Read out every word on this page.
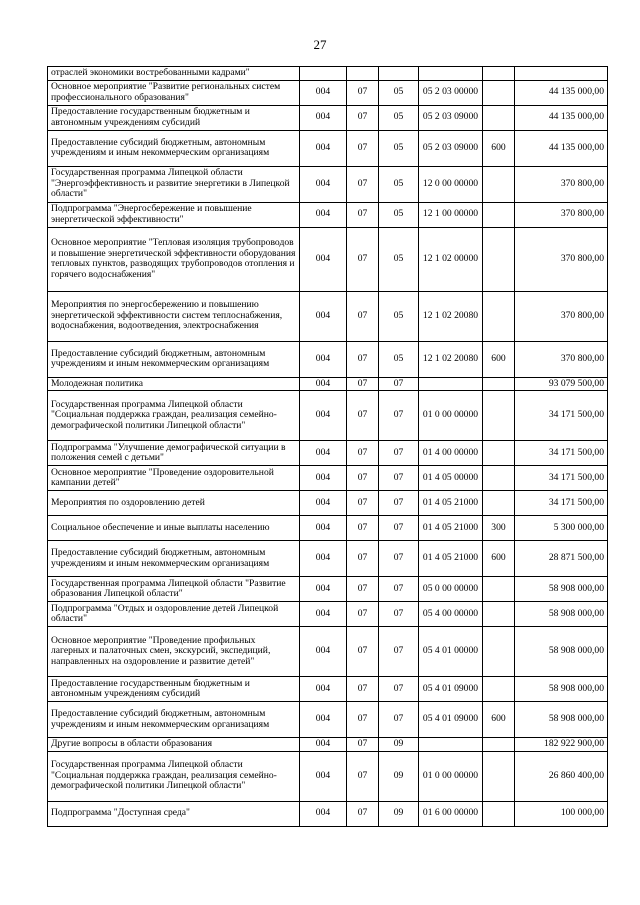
27
отраслей экономики востребованными кадрами"						
Основное мероприятие "Развитие региональных систем профессионального образования"	004	07	05	05 2 03 00000		44 135 000,00
Предоставление государственным бюджетным и автономным учреждениям субсидий	004	07	05	05 2 03 09000		44 135 000,00
Предоставление субсидий бюджетным, автономным учреждениям и иным некоммерческим организациям	004	07	05	05 2 03 09000	600	44 135 000,00
Государственная программа Липецкой области "Энергоэффективность и развитие энергетики в Липецкой области"	004	07	05	12 0 00 00000		370 800,00
Подпрограмма "Энергосбережение и повышение энергетической эффективности"	004	07	05	12 1 00 00000		370 800,00
Основное мероприятие "Тепловая изоляция трубопроводов и повышение энергетической эффективности оборудования тепловых пунктов, разводящих трубопроводов отопления и горячего водоснабжения"	004	07	05	12 1 02 00000		370 800,00
Мероприятия по энергосбережению и повышению энергетической эффективности систем теплоснабжения, водоснабжения, водоотведения, электроснабжения	004	07	05	12 1 02 20080		370 800,00
Предоставление субсидий бюджетным, автономным учреждениям и иным некоммерческим организациям	004	07	05	12 1 02 20080	600	370 800,00
Молодежная политика	004	07	07			93 079 500,00
Государственная программа Липецкой области "Социальная поддержка граждан, реализация семейно-демографической политики Липецкой области"	004	07	07	01 0 00 00000		34 171 500,00
Подпрограмма "Улучшение демографической ситуации в положения семей с детьми"	004	07	07	01 4 00 00000		34 171 500,00
Основное мероприятие "Проведение оздоровительной кампании детей"	004	07	07	01 4 05 00000		34 171 500,00
Мероприятия по оздоровлению детей	004	07	07	01 4 05 21000		34 171 500,00
Социальное обеспечение и иные выплаты населению	004	07	07	01 4 05 21000	300	5 300 000,00
Предоставление субсидий бюджетным, автономным учреждениям и иным некоммерческим организациям	004	07	07	01 4 05 21000	600	28 871 500,00
Государственная программа Липецкой области "Развитие образования Липецкой области"	004	07	07	05 0 00 00000		58 908 000,00
Подпрограмма "Отдых и оздоровление детей Липецкой области"	004	07	07	05 4 00 00000		58 908 000,00
Основное мероприятие "Проведение профильных лагерных и палаточных смен, экскурсий, экспедиций, направленных на оздоровление и развитие детей"	004	07	07	05 4 01 00000		58 908 000,00
Предоставление государственным бюджетным и автономным учреждениям субсидий	004	07	07	05 4 01 09000		58 908 000,00
Предоставление субсидий бюджетным, автономным учреждениям и иным некоммерческим организациям	004	07	07	05 4 01 09000	600	58 908 000,00
Другие вопросы в области образования	004	07	09			182 922 900,00
Государственная программа Липецкой области "Социальная поддержка граждан, реализация семейно-демографической политики Липецкой области"	004	07	09	01 0 00 00000		26 860 400,00
Подпрограмма "Доступная среда"	004	07	09	01 6 00 00000		100 000,00
